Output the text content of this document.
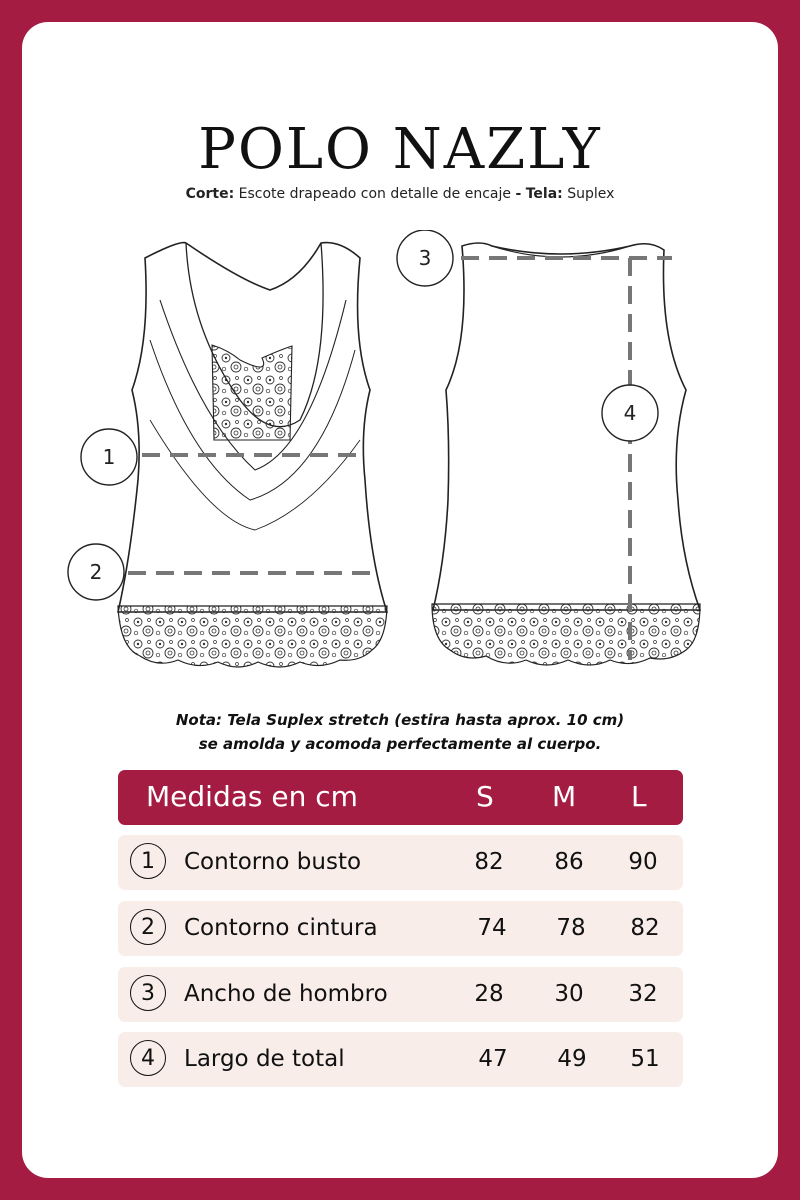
POLO NAZLY
Corte: Escote drapeado con detalle de encaje - Tela: Suplex
1
2
3
4
Nota: Tela Suplex stretch (estira hasta aprox. 10 cm)
se amolda y acomoda perfectamente al cuerpo.
Medidas en cm	S M L
1	Contorno busto	82 86 90
2	Contorno cintura	74 78 82
3	Ancho de hombro	28 30 32
4	Largo de total	47 49 51
